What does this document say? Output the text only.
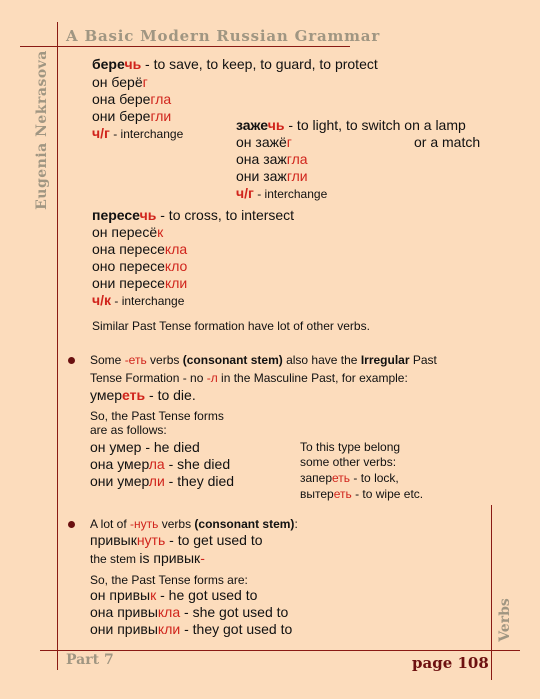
A Basic Modern Russian Grammar
Eugenia Nekrasova
Verbs
Part 7	page 108
беречь - to save, to keep, to guard, to protect
он берёг
она берегла
они берегли
ч/г - interchange
зажечь - to light, to switch on a lamp
он зажёг	or a match
она зажгла
они зажгли
ч/г - interchange
пересечь - to cross, to intersect
он пересёк
она пересекла
оно пересекло
они пересекли
ч/к - interchange
Similar Past Tense formation have lot of other verbs.
Some -еть verbs (consonant stem) also have the Irregular Past
Tense Formation - no -л in the Masculine Past, for example:
умереть - to die.
So, the Past Tense forms
are as follows:
он умер - he died
она умерла - she died
они умерли - they died
To this type belong
some other verbs:
запереть - to lock,
вытереть - to wipe etc.
A lot of -нуть verbs (consonant stem):
привыкнуть - to get used to
the stem is привык-
So, the Past Tense forms are:
он привык - he got used to
она привыкла - she got used to
они привыкли - they got used to
